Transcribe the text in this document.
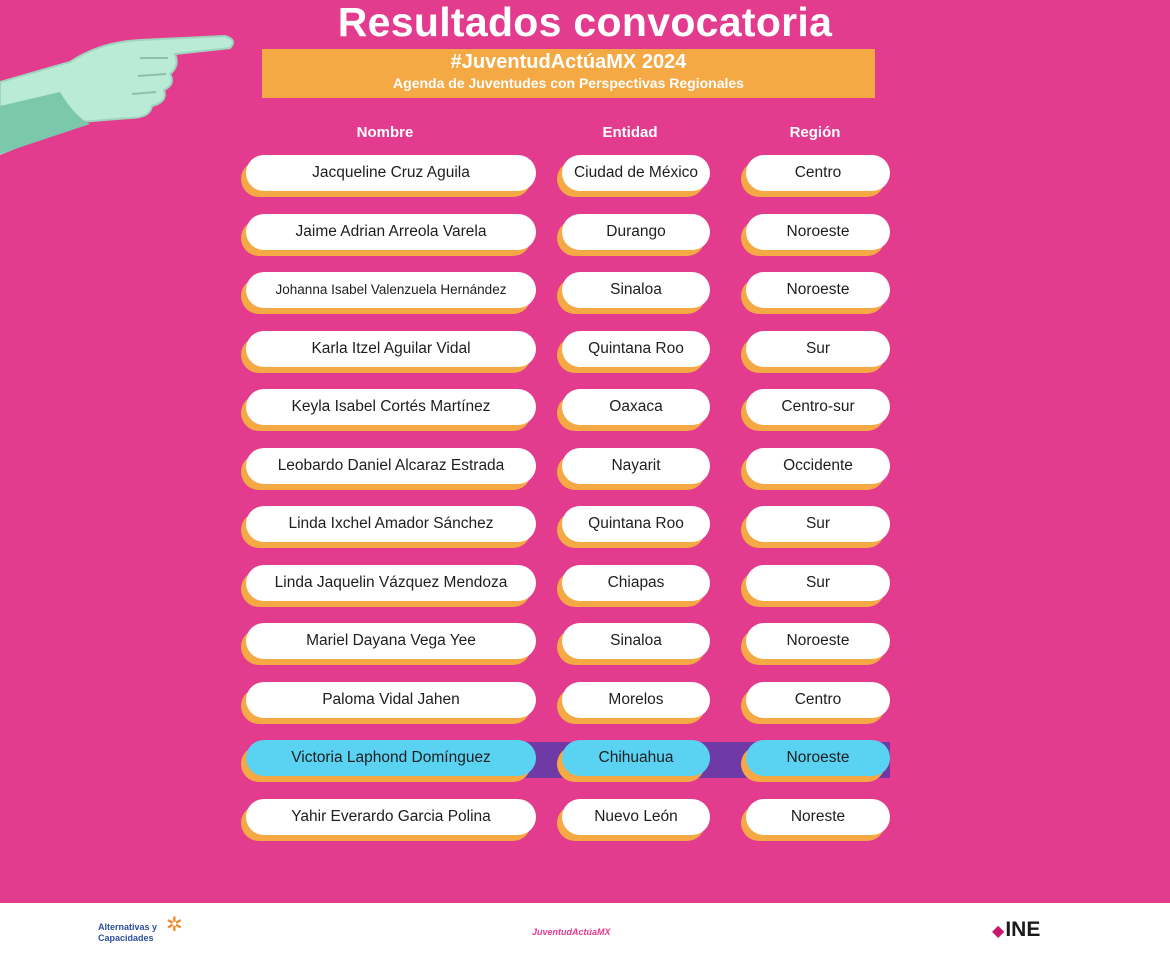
Resultados convocatoria
#JuventudActúaMX 2024
Agenda de Juventudes con Perspectivas Regionales
Nombre	Entidad	Región
Jacqueline Cruz Aguila	Ciudad de México	Centro
Jaime Adrian Arreola Varela	Durango	Noroeste
Johanna Isabel Valenzuela Hernández	Sinaloa	Noroeste
Karla Itzel Aguilar Vidal	Quintana Roo	Sur
Keyla Isabel Cortés Martínez	Oaxaca	Centro-sur
Leobardo Daniel Alcaraz Estrada	Nayarit	Occidente
Linda Ixchel Amador Sánchez	Quintana Roo	Sur
Linda Jaquelin Vázquez Mendoza	Chiapas	Sur
Mariel Dayana Vega Yee	Sinaloa	Noroeste
Paloma Vidal Jahen	Morelos	Centro
Victoria Laphond Domínguez	Chihuahua	Noroeste
Yahir Everardo Garcia Polina	Nuevo León	Noreste
Alternativas y
Capacidades
✲	JuventudActúaMX	◆INE
